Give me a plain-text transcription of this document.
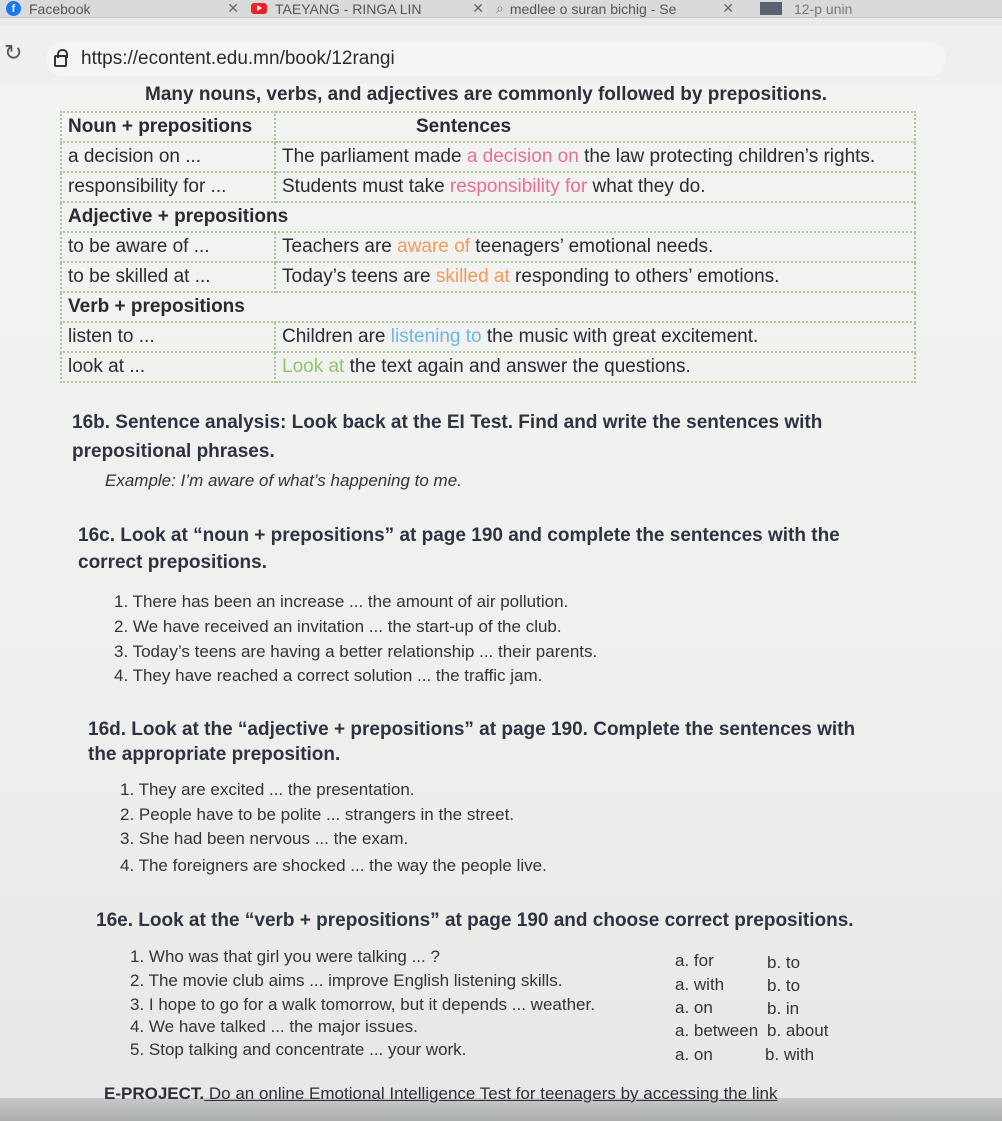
f Facebook	✕	TAEYANG - RINGA LIN	✕ ⌕ medlee o suran bichig - Se	✕	12-p unin
↻	https://econtent.edu.mn/book/12rangi
Many nouns, verbs, and adjectives are commonly followed by prepositions.
Noun + prepositions	Sentences
a decision on ...	The parliament made a decision on the law protecting children’s rights.
responsibility for ...	Students must take responsibility for what they do.
Adjective + prepositions	
to be aware of ...	Teachers are aware of teenagers’ emotional needs.
to be skilled at ...	Today’s teens are skilled at responding to others’ emotions.
Verb + prepositions	
listen to ...	Children are listening to the music with great excitement.
look at ...	Look at the text again and answer the questions.
16b. Sentence analysis: Look back at the EI Test. Find and write the sentences with
prepositional phrases.
Example: I’m aware of what’s happening to me.
16c. Look at “noun + prepositions” at page 190 and complete the sentences with the
correct prepositions.
1. There has been an increase ... the amount of air pollution.
2. We have received an invitation ... the start-up of the club.
3. Today’s teens are having a better relationship ... their parents.
4. They have reached a correct solution ... the traffic jam.
16d. Look at the “adjective + prepositions” at page 190. Complete the sentences with
the appropriate preposition.
1. They are excited ... the presentation.
2. People have to be polite ... strangers in the street.
3. She had been nervous ... the exam.
4. The foreigners are shocked ... the way the people live.
16e. Look at the “verb + prepositions” at page 190 and choose correct prepositions.
1. Who was that girl you were talking ... ?	a. for	b. to
2. The movie club aims ... improve English listening skills.	a. with	b. to
3. I hope to go for a walk tomorrow, but it depends ... weather.	a. on	b. in
4. We have talked ... the major issues.	a. between b. about
5. Stop talking and concentrate ... your work.	a. on	b. with
E-PROJECT. Do an online Emotional Intelligence Test for teenagers by accessing the link
